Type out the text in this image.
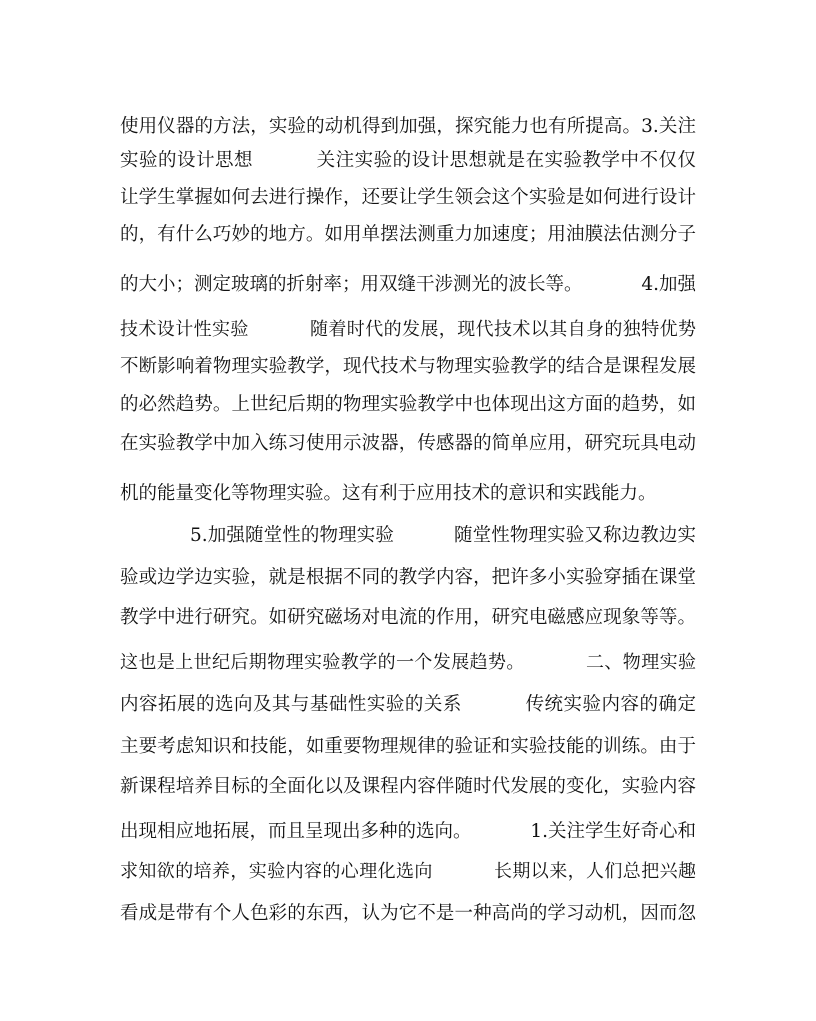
使用仪器的方法，实验的动机得到加强，探究能力也有所提高。3.关注
实验的设计思想          关注实验的设计思想就是在实验教学中不仅仅
让学生掌握如何去进行操作，还要让学生领会这个实验是如何进行设计
的，有什么巧妙的地方。如用单摆法测重力加速度；用油膜法估测分子
的大小；测定玻璃的折射率；用双缝干涉测光的波长等。          4.加强
技术设计性实验          随着时代的发展，现代技术以其自身的独特优势
不断影响着物理实验教学，现代技术与物理实验教学的结合是课程发展
的必然趋势。上世纪后期的物理实验教学中也体现出这方面的趋势，如
在实验教学中加入练习使用示波器，传感器的简单应用，研究玩具电动
机的能量变化等物理实验。这有利于应用技术的意识和实践能力。
5.加强随堂性的物理实验          随堂性物理实验又称边教边实
验或边学边实验，就是根据不同的教学内容，把许多小实验穿插在课堂
教学中进行研究。如研究磁场对电流的作用，研究电磁感应现象等等。
这也是上世纪后期物理实验教学的一个发展趋势。          二、物理实验
内容拓展的选向及其与基础性实验的关系          传统实验内容的确定
主要考虑知识和技能，如重要物理规律的验证和实验技能的训练。由于
新课程培养目标的全面化以及课程内容伴随时代发展的变化，实验内容
出现相应地拓展，而且呈现出多种的选向。          1.关注学生好奇心和
求知欲的培养，实验内容的心理化选向          长期以来，人们总把兴趣
看成是带有个人色彩的东西，认为它不是一种高尚的学习动机，因而忽
